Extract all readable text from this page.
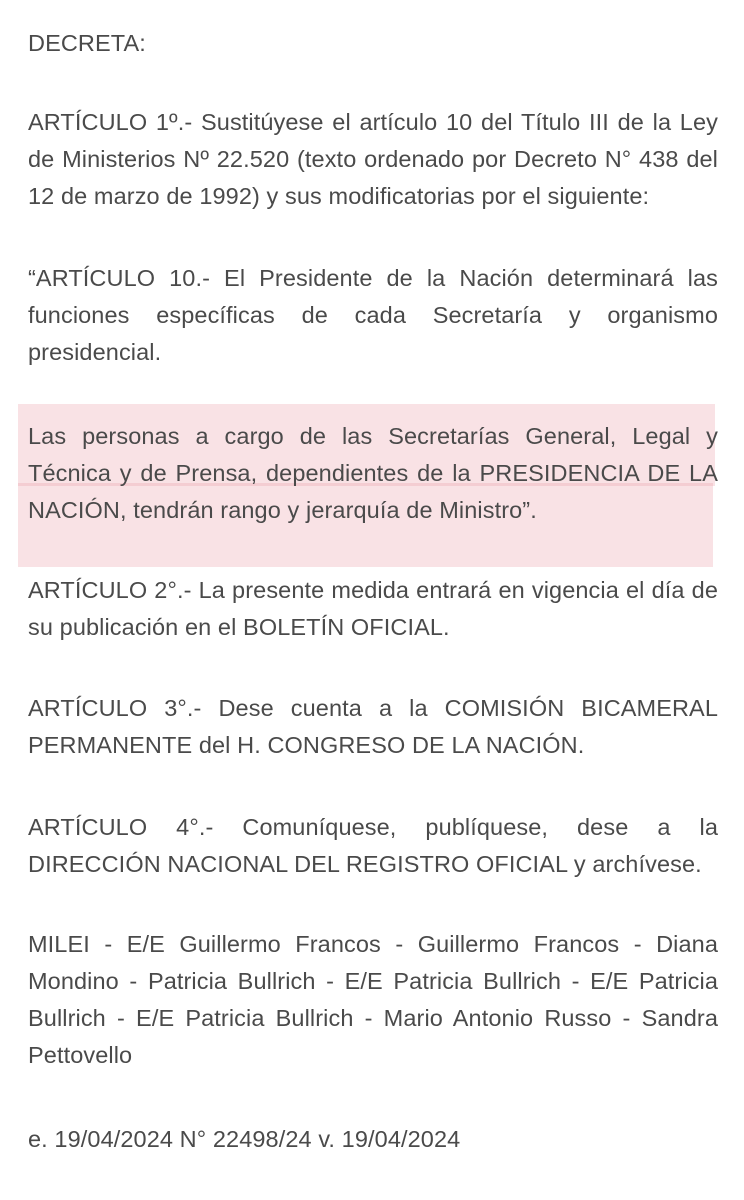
DECRETA:

ARTÍCULO 1º.- Sustitúyese el artículo 10 del Título III de la Ley de Ministerios Nº 22.520 (texto ordenado por Decreto N° 438 del 12 de marzo de 1992) y sus modificatorias por el siguiente:

“ARTÍCULO 10.- El Presidente de la Nación determinará las funciones específicas de cada Secretaría y organismo presidencial.

Las personas a cargo de las Secretarías General, Legal y Técnica y de Prensa, dependientes de la PRESIDENCIA DE LA NACIÓN, tendrán rango y jerarquía de Ministro”.

ARTÍCULO 2°.- La presente medida entrará en vigencia el día de su publicación en el BOLETÍN OFICIAL.

ARTÍCULO 3°.- Dese cuenta a la COMISIÓN BICAMERAL PERMANENTE del H. CONGRESO DE LA NACIÓN.

ARTÍCULO 4°.- Comuníquese, publíquese, dese a la DIRECCIÓN NACIONAL DEL REGISTRO OFICIAL y archívese.

MILEI - E/E Guillermo Francos - Guillermo Francos - Diana Mondino - Patricia Bullrich - E/E Patricia Bullrich - E/E Patricia Bullrich - E/E Patricia Bullrich - Mario Antonio Russo - Sandra Pettovello

e. 19/04/2024 N° 22498/24 v. 19/04/2024
